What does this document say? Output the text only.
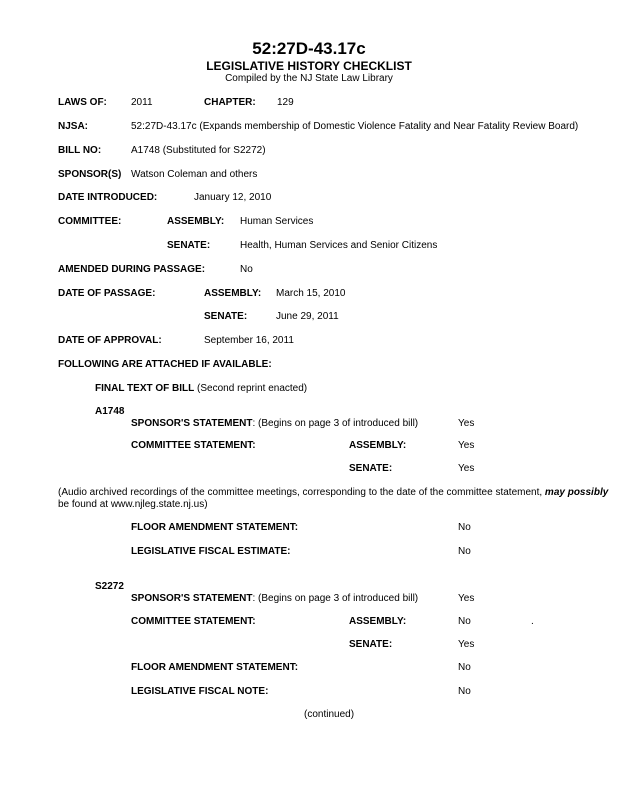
52:27D-43.17c
LEGISLATIVE HISTORY CHECKLIST
Compiled by the NJ State Law Library
LAWS OF: 2011	CHAPTER: 129
NJSA:	52:27D-43.17c (Expands membership of Domestic Violence Fatality and Near Fatality Review Board)
BILL NO:	A1748 (Substituted for S2272)
SPONSOR(S) Watson Coleman and others
DATE INTRODUCED:	January 12, 2010
COMMITTEE:	ASSEMBLY: Human Services
SENATE:	Health, Human Services and Senior Citizens
AMENDED DURING PASSAGE:	No
DATE OF PASSAGE:	ASSEMBLY: March 15, 2010
SENATE:	June 29, 2011
DATE OF APPROVAL:	September 16, 2011
FOLLOWING ARE ATTACHED IF AVAILABLE:
FINAL TEXT OF BILL (Second reprint enacted)
A1748
SPONSOR'S STATEMENT: (Begins on page 3 of introduced bill)	Yes
COMMITTEE STATEMENT:	ASSEMBLY:	Yes
SENATE:	Yes
(Audio archived recordings of the committee meetings, corresponding to the date of the committee statement, may possibly
be found at www.njleg.state.nj.us)
FLOOR AMENDMENT STATEMENT:	No
LEGISLATIVE FISCAL ESTIMATE:	No
S2272
SPONSOR'S STATEMENT: (Begins on page 3 of introduced bill)	Yes
COMMITTEE STATEMENT:	ASSEMBLY:	No	.
SENATE:	Yes
FLOOR AMENDMENT STATEMENT:	No
LEGISLATIVE FISCAL NOTE:	No
(continued)
